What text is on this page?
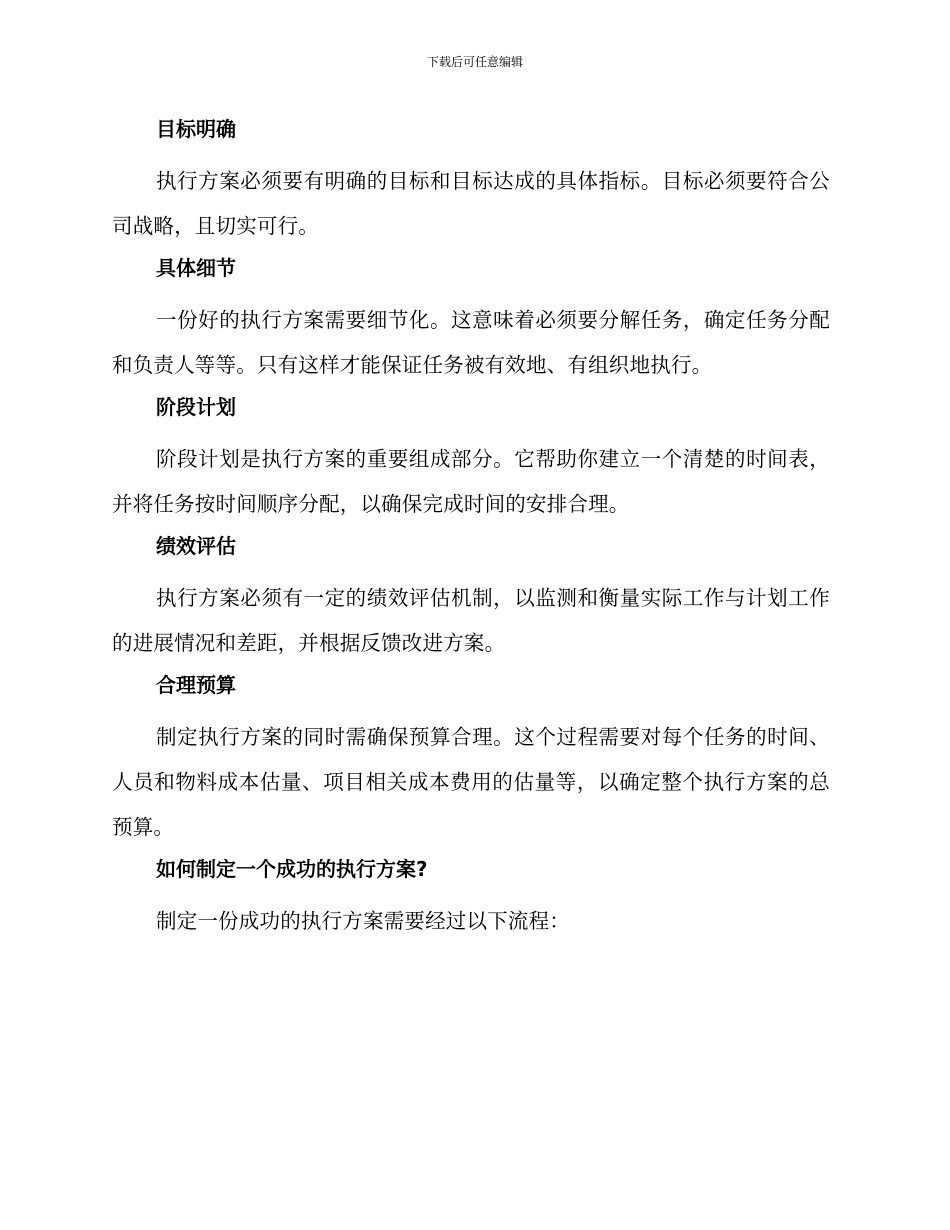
下载后可任意编辑
目标明确

执行方案必须要有明确的目标和目标达成的具体指标。目标必须要符合公司战略，且切实可行。

具体细节

一份好的执行方案需要细节化。这意味着必须要分解任务，确定任务分配和负责人等等。只有这样才能保证任务被有效地、有组织地执行。

阶段计划

阶段计划是执行方案的重要组成部分。它帮助你建立一个清楚的时间表，并将任务按时间顺序分配，以确保完成时间的安排合理。

绩效评估

执行方案必须有一定的绩效评估机制，以监测和衡量实际工作与计划工作的进展情况和差距，并根据反馈改进方案。

合理预算

制定执行方案的同时需确保预算合理。这个过程需要对每个任务的时间、人员和物料成本估量、项目相关成本费用的估量等，以确定整个执行方案的总预算。

如何制定一个成功的执行方案?

制定一份成功的执行方案需要经过以下流程：
